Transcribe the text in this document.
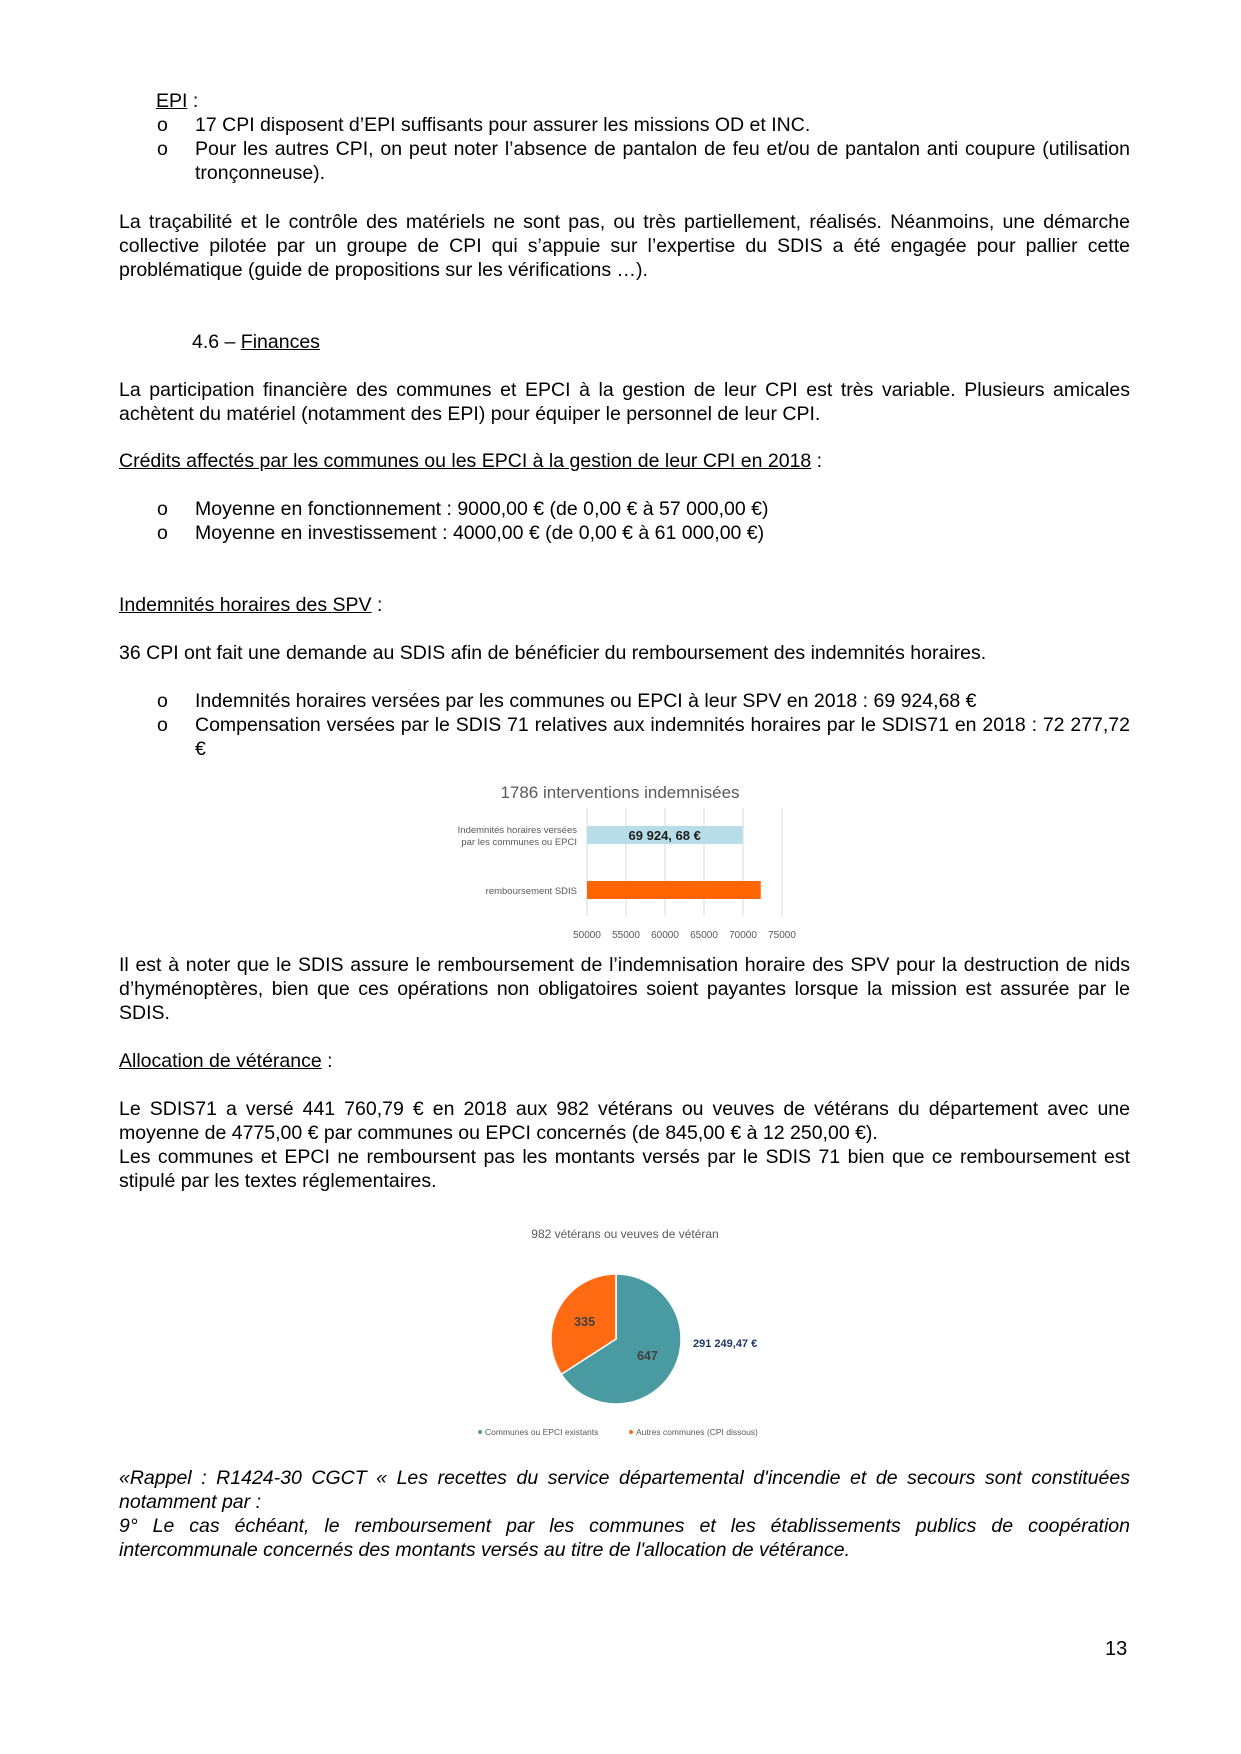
EPI :
o 17 CPI disposent d’EPI suffisants pour assurer les missions OD et INC.
o Pour les autres CPI, on peut noter l’absence de pantalon de feu et/ou de pantalon anti coupure (utilisation tronçonneuse).
La traçabilité et le contrôle des matériels ne sont pas, ou très partiellement, réalisés. Néanmoins, une démarche collective pilotée par un groupe de CPI qui s’appuie sur l’expertise du SDIS a été engagée pour pallier cette problématique (guide de propositions sur les vérifications …).
4.6 – Finances
La participation financière des communes et EPCI à la gestion de leur CPI est très variable. Plusieurs amicales achètent du matériel (notamment des EPI) pour équiper le personnel de leur CPI.
Crédits affectés par les communes ou les EPCI à la gestion de leur CPI en 2018 :
o Moyenne en fonctionnement : 9000,00 € (de 0,00 € à 57 000,00 €)
o Moyenne en investissement : 4000,00 € (de 0,00 € à 61 000,00 €)
Indemnités horaires des SPV :
36 CPI ont fait une demande au SDIS afin de bénéficier du remboursement des indemnités horaires.
o Indemnités horaires versées par les communes ou EPCI à leur SPV en 2018 : 69 924,68 €
o Compensation versées par le SDIS 71 relatives aux indemnités horaires par le SDIS71 en 2018 : 72 277,72 €
1786 interventions indemnisées
50000 55000 60000 65000 70000 75000
Indemnités horaires versées
par les communes ou EPCI	69 924, 68 €
remboursement SDIS
Il est à noter que le SDIS assure le remboursement de l’indemnisation horaire des SPV pour la destruction de nids d’hyménoptères, bien que ces opérations non obligatoires soient payantes lorsque la mission est assurée par le SDIS.
Allocation de vétérance :
Le SDIS71 a versé 441 760,79 € en 2018 aux 982 vétérans ou veuves de vétérans du département avec une moyenne de 4775,00 € par communes ou EPCI concernés (de 845,00 € à 12 250,00 €).
Les communes et EPCI ne remboursent pas les montants versés par le SDIS 71 bien que ce remboursement est stipulé par les textes réglementaires.
982 vétérans ou veuves de vétéran
647
335
291 249,47 €
Communes ou EPCI existants	Autres communes (CPI dissous)
«Rappel : R1424-30 CGCT « Les recettes du service départemental d'incendie et de secours sont constituées notamment par :
9° Le cas échéant, le remboursement par les communes et les établissements publics de coopération intercommunale concernés des montants versés au titre de l'allocation de vétérance.
13
